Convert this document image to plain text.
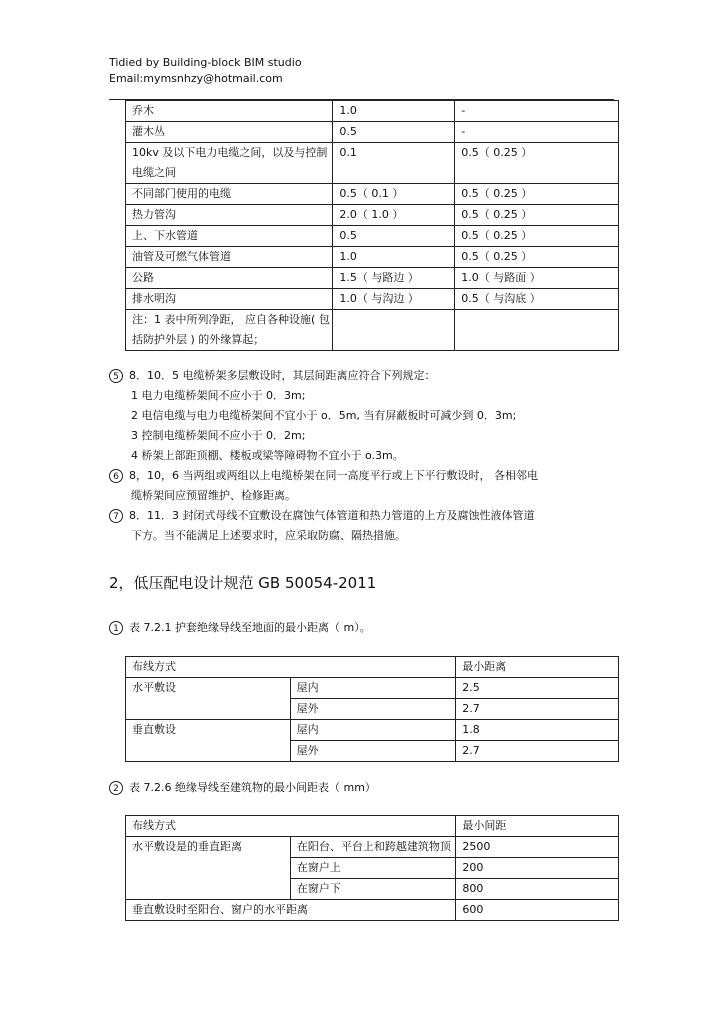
Tidied by Building-block BIM studio
Email:mymsnhzy@hotmail.com
乔木	1.0	-
灌木丛	0.5	-
10kv 及以下电力电缆之间，以及与控制电缆之间	0.1	0.5（ 0.25 ）
不同部门使用的电缆	0.5（ 0.1 ）	0.5（ 0.25 ）
热力管沟	2.0（ 1.0 ）	0.5（ 0.25 ）
上、下水管道	0.5	0.5（ 0.25 ）
油管及可燃气体管道	1.0	0.5（ 0.25 ）
公路	1.5（ 与路边 ）	1.0（ 与路面 ）
排水明沟	1.0（ 与沟边 ）	0.5（ 与沟底 ）
注：1 表中所列净距， 应自各种设施( 包括防护外层 ) 的外缘算起；		
5 8．10．5 电缆桥架多层敷设时，其层间距离应符合下列规定：
1 电力电缆桥架间不应小于 0．3m;
2 电信电缆与电力电缆桥架间不宜小于 o．5m, 当有屏蔽板时可减少到 0．3m;
3 控制电缆桥架间不应小于 0．2m;
4 桥架上部距顶棚、楼板或梁等障碍物不宜小于 o.3m。
6 8，10，6 当两组或两组以上电缆桥架在同一高度平行或上下平行敷设时， 各相邻电
缆桥架间应预留维护、检修距离。
7 8．11．3 封闭式母线不宜敷设在腐蚀气体管道和热力管道的上方及腐蚀性液体管道
下方。当不能满足上述要求时，应采取防腐、隔热措施。
2，低压配电设计规范 GB 50054-2011
1 表 7.2.1 护套绝缘导线至地面的最小距离（ m）。
布线方式		最小距离
水平敷设	屋内	2.5
	屋外	2.7
垂直敷设	屋内	1.8
	屋外	2.7
2 表 7.2.6 绝缘导线至建筑物的最小间距表（ mm）
布线方式		最小间距
水平敷设是的垂直距离	在阳台、平台上和跨越建筑物顶	2500
	在窗户上	200
	在窗户下	800
垂直敷设时至阳台、窗户的水平距离		600
